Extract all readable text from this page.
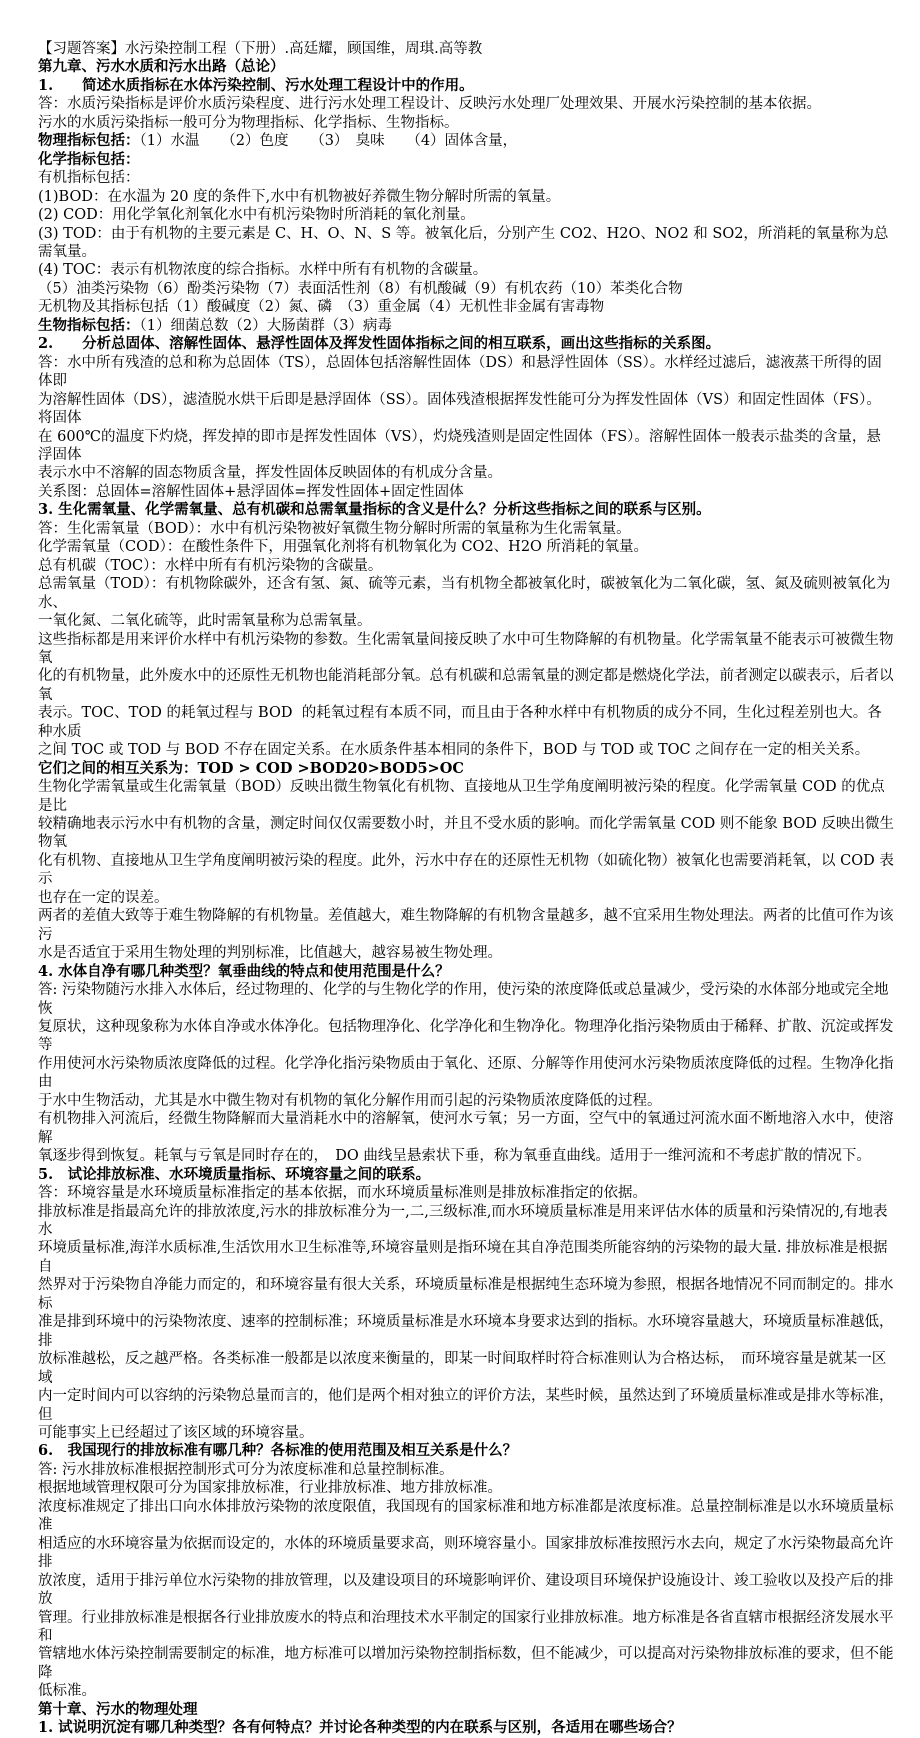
【习题答案】水污染控制工程（下册）.高廷耀，顾国维，周琪.高等教
第九章、污水水质和污水出路（总论）
1.　　简述水质指标在水体污染控制、污水处理工程设计中的作用。
答：水质污染指标是评价水质污染程度、进行污水处理工程设计、反映污水处理厂处理效果、开展水污染控制的基本依据。
污水的水质污染指标一般可分为物理指标、化学指标、生物指标。
物理指标包括：（1）水温　　（2）色度　　（3）　臭味　　（4）固体含量，
化学指标包括：
有机指标包括：
(1)BOD：在水温为 20 度的条件下,水中有机物被好养微生物分解时所需的氧量。
(2) COD：用化学氧化剂氧化水中有机污染物时所消耗的氧化剂量。
(3) TOD：由于有机物的主要元素是 C、H、O、N、S 等。被氧化后，分别产生 CO2、H2O、NO2 和 SO2，所消耗的氧量称为总需氧量。
(4) TOC：表示有机物浓度的综合指标。水样中所有有机物的含碳量。
（5）油类污染物（6）酚类污染物（7）表面活性剂（8）有机酸碱（9）有机农药（10）苯类化合物
无机物及其指标包括（1）酸碱度（2）氮、磷　（3）重金属（4）无机性非金属有害毒物
生物指标包括：（1）细菌总数（2）大肠菌群（3）病毒
2.　　分析总固体、溶解性固体、悬浮性固体及挥发性固体指标之间的相互联系，画出这些指标的关系图。
答：水中所有残渣的总和称为总固体（TS），总固体包括溶解性固体（DS）和悬浮性固体（SS）。水样经过滤后，滤液蒸干所得的固体即
为溶解性固体（DS），滤渣脱水烘干后即是悬浮固体（SS）。固体残渣根据挥发性能可分为挥发性固体（VS）和固定性固体（FS）。将固体
在 600℃的温度下灼烧，挥发掉的即市是挥发性固体（VS），灼烧残渣则是固定性固体（FS）。溶解性固体一般表示盐类的含量，悬浮固体
表示水中不溶解的固态物质含量，挥发性固体反映固体的有机成分含量。
关系图：总固体=溶解性固体+悬浮固体=挥发性固体+固定性固体
3. 生化需氧量、化学需氧量、总有机碳和总需氧量指标的含义是什么？分析这些指标之间的联系与区别。
答：生化需氧量（BOD）：水中有机污染物被好氧微生物分解时所需的氧量称为生化需氧量。
化学需氧量（COD）：在酸性条件下，用强氧化剂将有机物氧化为 CO2、H2O 所消耗的氧量。
总有机碳（TOC）：水样中所有有机污染物的含碳量。
总需氧量（TOD）：有机物除碳外，还含有氢、氮、硫等元素，当有机物全都被氧化时，碳被氧化为二氧化碳，氢、氮及硫则被氧化为水、
一氧化氮、二氧化硫等，此时需氧量称为总需氧量。
这些指标都是用来评价水样中有机污染物的参数。生化需氧量间接反映了水中可生物降解的有机物量。化学需氧量不能表示可被微生物氧
化的有机物量，此外废水中的还原性无机物也能消耗部分氧。总有机碳和总需氧量的测定都是燃烧化学法，前者测定以碳表示，后者以氧
表示。TOC、TOD 的耗氧过程与 BOD  的耗氧过程有本质不同，而且由于各种水样中有机物质的成分不同，生化过程差别也大。各种水质
之间 TOC 或 TOD 与 BOD 不存在固定关系。在水质条件基本相同的条件下，BOD 与 TOD 或 TOC 之间存在一定的相关关系。
它们之间的相互关系为：TOD > COD >BOD20>BOD5>OC
生物化学需氧量或生化需氧量（BOD）反映出微生物氧化有机物、直接地从卫生学角度阐明被污染的程度。化学需氧量 COD 的优点是比
较精确地表示污水中有机物的含量，测定时间仅仅需要数小时，并且不受水质的影响。而化学需氧量 COD 则不能象 BOD 反映出微生物氧
化有机物、直接地从卫生学角度阐明被污染的程度。此外，污水中存在的还原性无机物（如硫化物）被氧化也需要消耗氧，以 COD 表示
也存在一定的误差。
两者的差值大致等于难生物降解的有机物量。差值越大，难生物降解的有机物含量越多，越不宜采用生物处理法。两者的比值可作为该污
水是否适宜于采用生物处理的判别标准，比值越大，越容易被生物处理。
4. 水体自净有哪几种类型？氧垂曲线的特点和使用范围是什么？
答: 污染物随污水排入水体后，经过物理的、化学的与生物化学的作用，使污染的浓度降低或总量减少，受污染的水体部分地或完全地恢
复原状，这种现象称为水体自净或水体净化。包括物理净化、化学净化和生物净化。物理净化指污染物质由于稀释、扩散、沉淀或挥发等
作用使河水污染物质浓度降低的过程。化学净化指污染物质由于氧化、还原、分解等作用使河水污染物质浓度降低的过程。生物净化指由
于水中生物活动，尤其是水中微生物对有机物的氧化分解作用而引起的污染物质浓度降低的过程。
有机物排入河流后，经微生物降解而大量消耗水中的溶解氧，使河水亏氧；另一方面，空气中的氧通过河流水面不断地溶入水中，使溶解
氧逐步得到恢复。耗氧与亏氧是同时存在的，　DO 曲线呈悬索状下垂，称为氧垂直曲线。适用于一维河流和不考虑扩散的情况下。
5.　试论排放标准、水环境质量指标、环境容量之间的联系。
答：环境容量是水环境质量标准指定的基本依据，而水环境质量标准则是排放标准指定的依据。
排放标准是指最高允许的排放浓度,污水的排放标准分为一,二,三级标准,而水环境质量标准是用来评估水体的质量和污染情况的,有地表水
环境质量标准,海洋水质标准,生活饮用水卫生标准等,环境容量则是指环境在其自净范围类所能容纳的污染物的最大量. 排放标准是根据自
然界对于污染物自净能力而定的，和环境容量有很大关系，环境质量标准是根据纯生态环境为参照，根据各地情况不同而制定的。排水标
准是排到环境中的污染物浓度、速率的控制标准；环境质量标准是水环境本身要求达到的指标。水环境容量越大，环境质量标准越低，排
放标准越松，反之越严格。各类标准一般都是以浓度来衡量的，即某一时间取样时符合标准则认为合格达标，　而环境容量是就某一区域
内一定时间内可以容纳的污染物总量而言的，他们是两个相对独立的评价方法，某些时候，虽然达到了环境质量标准或是排水等标准，但
可能事实上已经超过了该区域的环境容量。
6.　我国现行的排放标准有哪几种？各标准的使用范围及相互关系是什么？
答: 污水排放标准根据控制形式可分为浓度标准和总量控制标准。
根据地域管理权限可分为国家排放标准，行业排放标准、地方排放标准。
浓度标准规定了排出口向水体排放污染物的浓度限值，我国现有的国家标准和地方标准都是浓度标准。总量控制标准是以水环境质量标准
相适应的水环境容量为依据而设定的，水体的环境质量要求高，则环境容量小。国家排放标准按照污水去向，规定了水污染物最高允许排
放浓度，适用于排污单位水污染物的排放管理，以及建设项目的环境影响评价、建设项目环境保护设施设计、竣工验收以及投产后的排放
管理。行业排放标准是根据各行业排放废水的特点和治理技术水平制定的国家行业排放标准。地方标准是各省直辖市根据经济发展水平和
管辖地水体污染控制需要制定的标准，地方标准可以增加污染物控制指标数，但不能减少，可以提高对污染物排放标准的要求，但不能降
低标准。
第十章、污水的物理处理
1. 试说明沉淀有哪几种类型？各有何特点？并讨论各种类型的内在联系与区别，各适用在哪些场合？
